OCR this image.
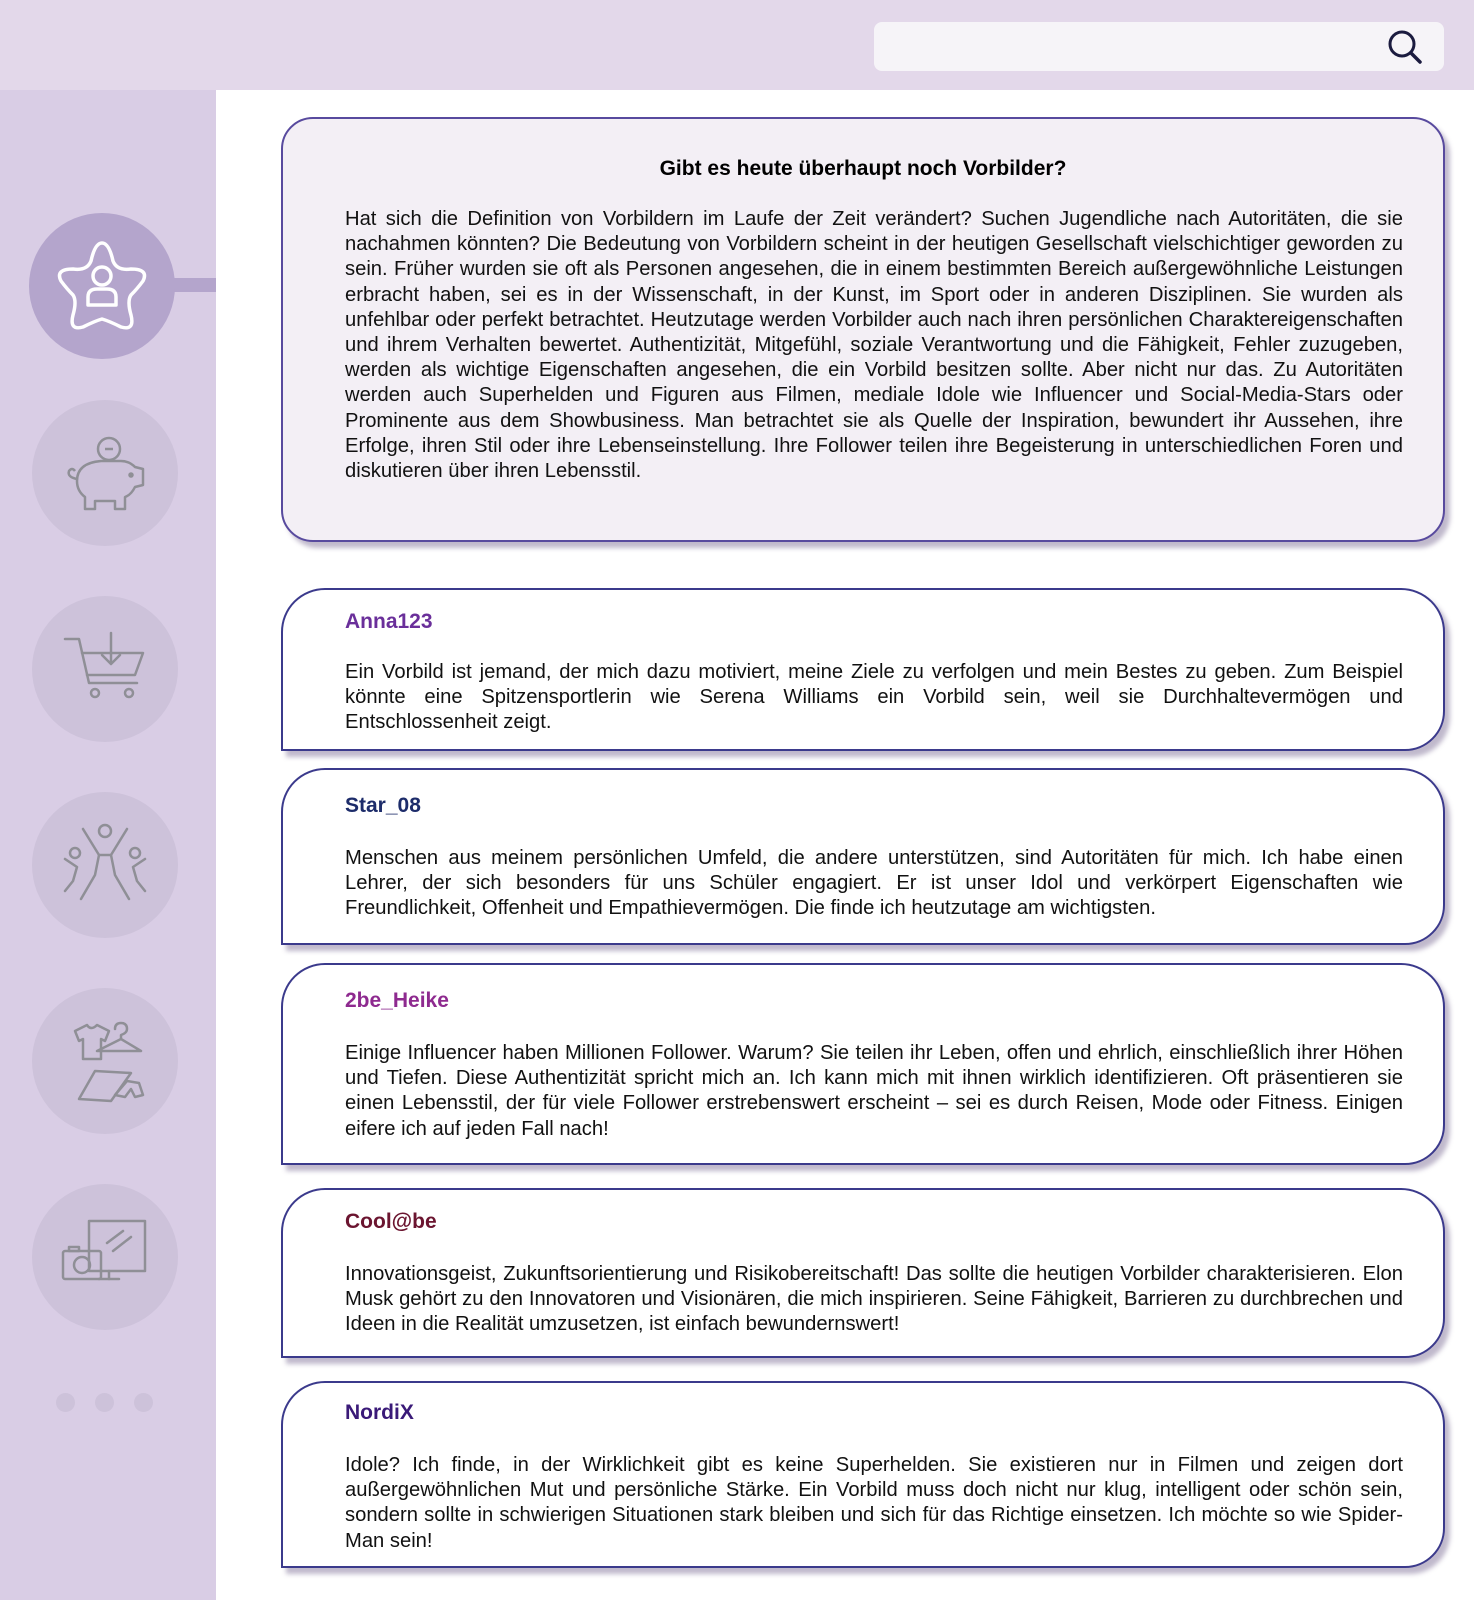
Gibt es heute überhaupt noch Vorbilder?

Hat sich die Definition von Vorbildern im Laufe der Zeit verändert? Suchen Jugendliche nach Autoritäten, die sie nachahmen könnten? Die Bedeutung von Vorbildern scheint in der heutigen Gesellschaft vielschichtiger geworden zu sein. Früher wurden sie oft als Personen angesehen, die in einem bestimmten Bereich außergewöhnliche Leistungen erbracht haben, sei es in der Wissenschaft, in der Kunst, im Sport oder in anderen Disziplinen. Sie wurden als unfehlbar oder perfekt betrachtet. Heutzutage werden Vorbilder auch nach ihren persönlichen Charaktereigenschaften und ihrem Verhalten bewertet. Authentizität, Mitgefühl, soziale Verantwortung und die Fähigkeit, Fehler zuzugeben, werden als wichtige Eigenschaften angesehen, die ein Vorbild besitzen sollte. Aber nicht nur das. Zu Autoritäten werden auch Superhelden und Figuren aus Filmen, mediale Idole wie Influencer und Social-Media-Stars oder Prominente aus dem Showbusiness. Man betrachtet sie als Quelle der Inspiration, bewundert ihr Aussehen, ihre Erfolge, ihren Stil oder ihre Lebenseinstellung. Ihre Follower teilen ihre Begeisterung in unterschiedlichen Foren und diskutieren über ihren Lebensstil.

Anna123

Ein Vorbild ist jemand, der mich dazu motiviert, meine Ziele zu verfolgen und mein Bestes zu geben. Zum Beispiel könnte eine Spitzensportlerin wie Serena Williams ein Vorbild sein, weil sie Durchhaltevermögen und Entschlossenheit zeigt.

Star_08

Menschen aus meinem persönlichen Umfeld, die andere unterstützen, sind Autoritäten für mich. Ich habe einen Lehrer, der sich besonders für uns Schüler engagiert. Er ist unser Idol und verkörpert Eigenschaften wie Freundlichkeit, Offenheit und Empathievermögen. Die finde ich heutzutage am wichtigsten.

2be_Heike

Einige Influencer haben Millionen Follower. Warum? Sie teilen ihr Leben, offen und ehrlich, einschließlich ihrer Höhen und Tiefen. Diese Authentizität spricht mich an. Ich kann mich mit ihnen wirklich identifizieren. Oft präsentieren sie einen Lebensstil, der für viele Follower erstrebenswert erscheint – sei es durch Reisen, Mode oder Fitness. Einigen eifere ich auf jeden Fall nach!

Cool@be

Innovationsgeist, Zukunftsorientierung und Risikobereitschaft! Das sollte die heutigen Vorbilder charakterisieren. Elon Musk gehört zu den Innovatoren und Visionären, die mich inspirieren. Seine Fähigkeit, Barrieren zu durchbrechen und Ideen in die Realität umzusetzen, ist einfach bewundernswert!

NordiX

Idole? Ich finde, in der Wirklichkeit gibt es keine Superhelden. Sie existieren nur in Filmen und zeigen dort außergewöhnlichen Mut und persönliche Stärke. Ein Vorbild muss doch nicht nur klug, intelligent oder schön sein, sondern sollte in schwierigen Situationen stark bleiben und sich für das Richtige einsetzen. Ich möchte so wie Spider-Man sein!
